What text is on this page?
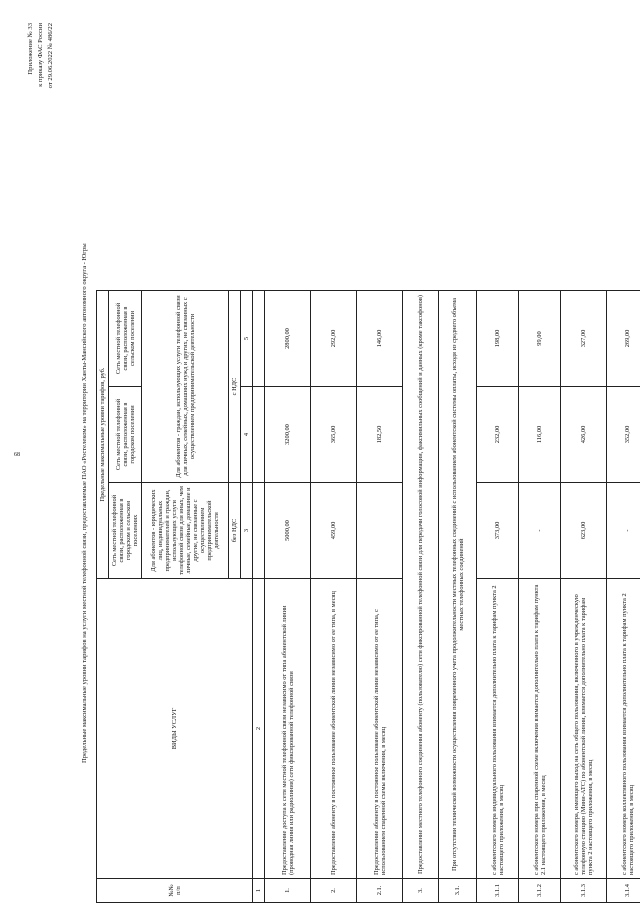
68
Приложение № 33 к приказу ФАС России от 29.06.2022 № 486/22
Предельные максимальные уровни тарифов на услуги местной телефонной связи, предоставляемые ПАО «Ростелеком» на территории Ханты-Мансийского автономного округа - Югры
№№ п/п	ВИДЫ УСЛУГ	Предельные максимальные уровни тарифов, руб.		
		Сеть местной телефонной связи, расположенная в городском и сельском поселениях	Сеть местной телефонной связи, расположенная в городском поселении	Сеть местной телефонной связи, расположенная в сельском поселении
		Для абонентов - юридических лиц, индивидуальных предпринимателей и граждан, использующих услуги телефонной связи для иных, чем личные, семейные, домашние и другие, не связанные с осуществлением предпринимательской деятельности	Для абонентов - граждан, использующих услуги телефонной связи для личных, семейных, домашних нужд и других, не связанных с осуществлением предпринимательской деятельности	
		без НДС	с НДС	
		3	4	5
1	2			
1.	Предоставление доступа к сети местной телефонной связи независимо от типа абонентской линии (проводная линия или радиолиния) сети фиксированной телефонной связи	5000,00	3200,00	2800,00
2.	Предоставление абоненту в постоянное пользование абонентской линии независимо от ее типа, в месяц	459,00	365,00	292,00
2.1.	Предоставление абоненту в постоянное пользование абонентской линии независимо от ее типа, с использованием спаренной схемы включения, в месяц		182,50	146,00
3.	Предоставление местного телефонного соединения абоненту (пользователю) сети фиксированной телефонной связи для передачи голосовой информации, факсимильных сообщений и данных (кроме таксофонов)			
3.1.	При отсутствии технической возможности осуществления повременного учета продолжительности местных телефонных соединений с использованием абонентской системы оплаты, исходя из среднего объема местных телефонных соединений			
3.1.1	с абонентского номера индивидуального пользования взимается дополнительно плата к тарифам пункта 2 настоящего приложения, в месяц	373,00	232,00	198,00
3.1.2	с абонентского номера при спаренной схеме включения взимается дополнительно плата к тарифам пункта 2.1 настоящего приложения, в месяц	-	116,00	99,00
3.1.3	с абонентского номера, имеющего выход на сеть общего пользования, включенного в учрежденческую телефонную станцию (Мини-АТС) по абонентской линии, взимается дополнительно плата к тарифам пункта 2 настоящего приложения, в месяц	623,00	426,00	327,00
3.1.4	с абонентского номера коллективного пользования взимается дополнительно плата к тарифам пункта 2 настоящего приложения, в месяц	-	352,00	269,00
